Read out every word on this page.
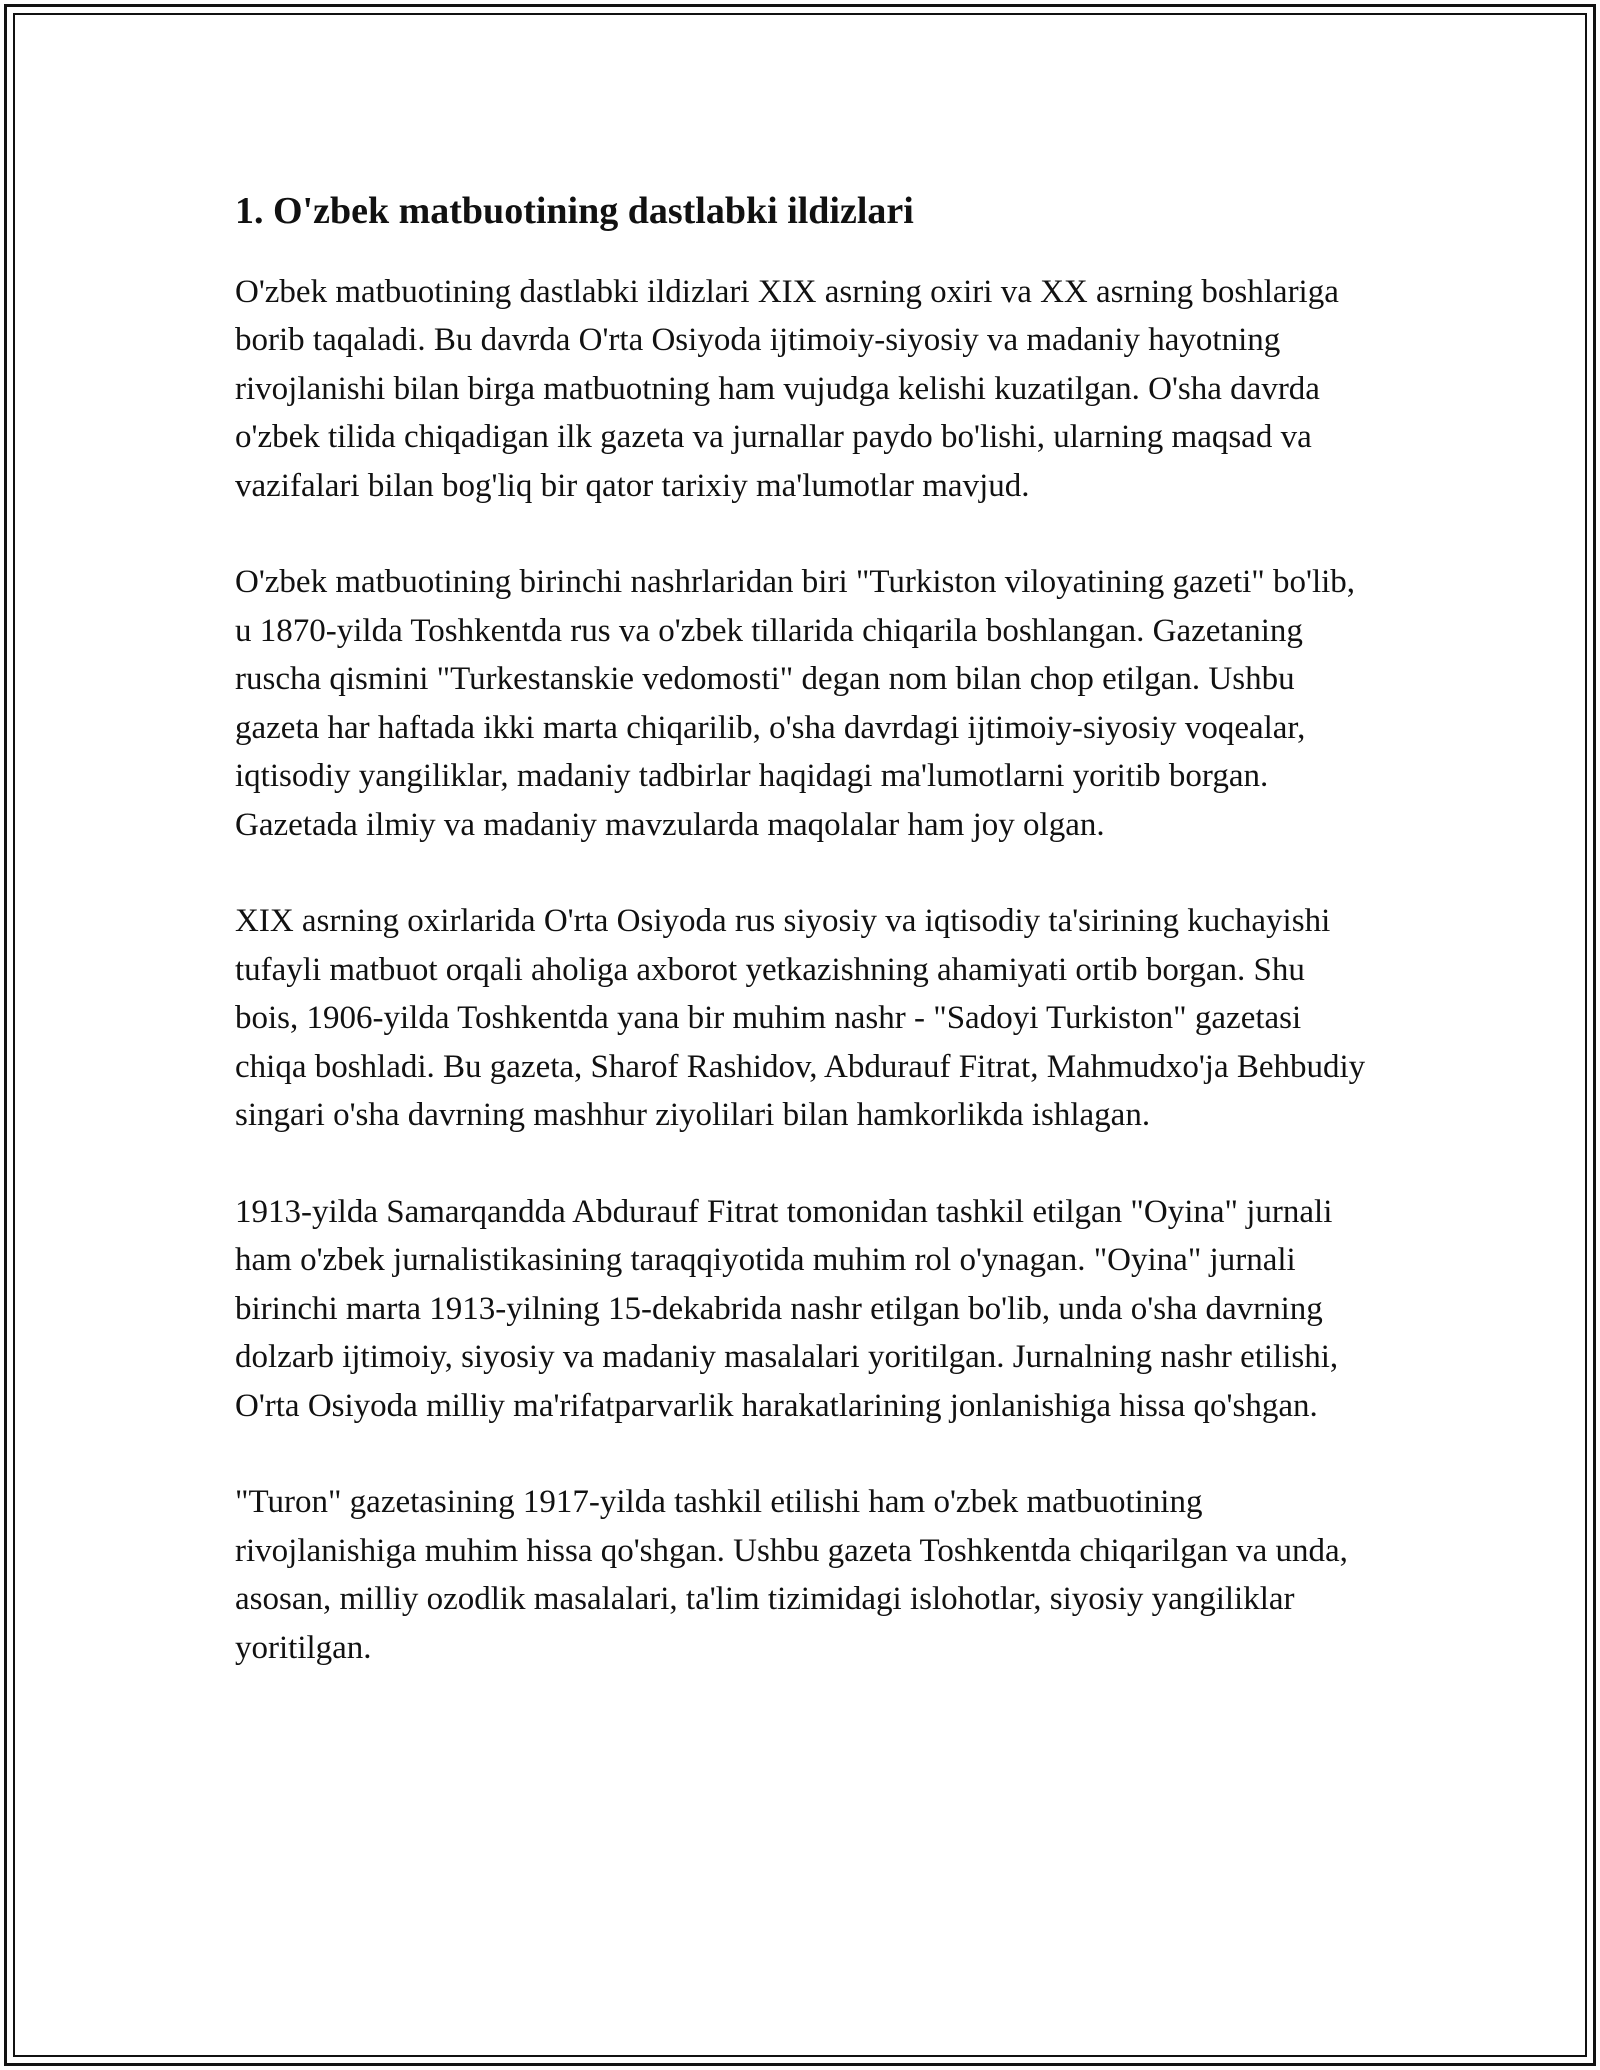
1. O'zbek matbuotining dastlabki ildizlari

O'zbek matbuotining dastlabki ildizlari XIX asrning oxiri va XX asrning boshlariga borib taqaladi. Bu davrda O'rta Osiyoda ijtimoiy-siyosiy va madaniy hayotning rivojlanishi bilan birga matbuotning ham vujudga kelishi kuzatilgan. O'sha davrda o'zbek tilida chiqadigan ilk gazeta va jurnallar paydo bo'lishi, ularning maqsad va vazifalari bilan bog'liq bir qator tarixiy ma'lumotlar mavjud.

O'zbek matbuotining birinchi nashrlaridan biri "Turkiston viloyatining gazeti" bo'lib, u 1870-yilda Toshkentda rus va o'zbek tillarida chiqarila boshlangan. Gazetaning ruscha qismini "Turkestanskie vedomosti" degan nom bilan chop etilgan. Ushbu gazeta har haftada ikki marta chiqarilib, o'sha davrdagi ijtimoiy-siyosiy voqealar, iqtisodiy yangiliklar, madaniy tadbirlar haqidagi ma'lumotlarni yoritib borgan. Gazetada ilmiy va madaniy mavzularda maqolalar ham joy olgan.

XIX asrning oxirlarida O'rta Osiyoda rus siyosiy va iqtisodiy ta'sirining kuchayishi tufayli matbuot orqali aholiga axborot yetkazishning ahamiyati ortib borgan. Shu bois, 1906-yilda Toshkentda yana bir muhim nashr - "Sadoyi Turkiston" gazetasi chiqa boshladi. Bu gazeta, Sharof Rashidov, Abdurauf Fitrat, Mahmudxo'ja Behbudiy singari o'sha davrning mashhur ziyolilari bilan hamkorlikda ishlagan.

1913-yilda Samarqandda Abdurauf Fitrat tomonidan tashkil etilgan "Oyina" jurnali ham o'zbek jurnalistikasining taraqqiyotida muhim rol o'ynagan. "Oyina" jurnali birinchi marta 1913-yilning 15-dekabrida nashr etilgan bo'lib, unda o'sha davrning dolzarb ijtimoiy, siyosiy va madaniy masalalari yoritilgan. Jurnalning nashr etilishi, O'rta Osiyoda milliy ma'rifatparvarlik harakatlarining jonlanishiga hissa qo'shgan.

"Turon" gazetasining 1917-yilda tashkil etilishi ham o'zbek matbuotining rivojlanishiga muhim hissa qo'shgan. Ushbu gazeta Toshkentda chiqarilgan va unda, asosan, milliy ozodlik masalalari, ta'lim tizimidagi islohotlar, siyosiy yangiliklar yoritilgan.
